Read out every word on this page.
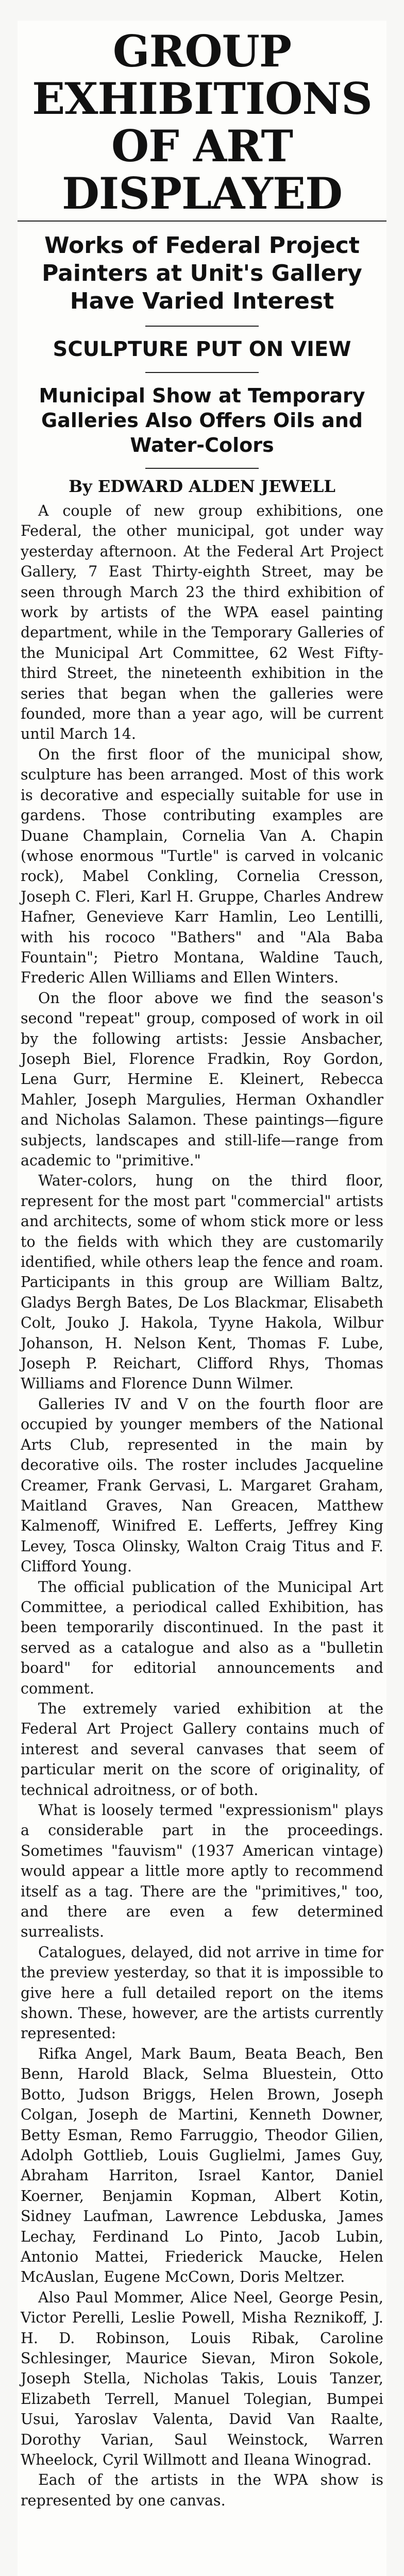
GROUP EXHIBITIONS
OF ART DISPLAYED
Works of Federal Project Painters at Unit's Gallery Have Varied Interest
SCULPTURE PUT ON VIEW
Municipal Show at Temporary Galleries Also Offers Oils and Water-Colors
By EDWARD ALDEN JEWELL

A couple of new group exhibitions, one Federal, the other municipal, got under way yesterday afternoon. At the Federal Art Project Gallery, 7 East Thirty-eighth Street, may be seen through March 23 the third exhibition of work by artists of the WPA easel painting department, while in the Temporary Galleries of the Municipal Art Committee, 62 West Fifty-third Street, the nineteenth exhibition in the series that began when the galleries were founded, more than a year ago, will be current until March 14.

On the first floor of the municipal show, sculpture has been arranged. Most of this work is decorative and especially suitable for use in gardens. Those contributing examples are Duane Champlain, Cornelia Van A. Chapin (whose enormous "Turtle" is carved in volcanic rock), Mabel Conkling, Cornelia Cresson, Joseph C. Fleri, Karl H. Gruppe, Charles Andrew Hafner, Genevieve Karr Hamlin, Leo Lentilli, with his rococo "Bathers" and "Ala Baba Fountain"; Pietro Montana, Waldine Tauch, Frederic Allen Williams and Ellen Winters.

On the floor above we find the season's second "repeat" group, composed of work in oil by the following artists: Jessie Ansbacher, Joseph Biel, Florence Fradkin, Roy Gordon, Lena Gurr, Hermine E. Kleinert, Rebecca Mahler, Joseph Margulies, Herman Oxhandler and Nicholas Salamon. These paintings—figure subjects, landscapes and still-life—range from academic to "primitive."

Water-colors, hung on the third floor, represent for the most part "commercial" artists and architects, some of whom stick more or less to the fields with which they are customarily identified, while others leap the fence and roam. Participants in this group are William Baltz, Gladys Bergh Bates, De Los Blackmar, Elisabeth Colt, Jouko J. Hakola, Tyyne Hakola, Wilbur Johanson, H. Nelson Kent, Thomas F. Lube, Joseph P. Reichart, Clifford Rhys, Thomas Williams and Florence Dunn Wilmer.

Galleries IV and V on the fourth floor are occupied by younger members of the National Arts Club, represented in the main by decorative oils. The roster includes Jacqueline Creamer, Frank Gervasi, L. Margaret Graham, Maitland Graves, Nan Greacen, Matthew Kalmenoff, Winifred E. Lefferts, Jeffrey King Levey, Tosca Olinsky, Walton Craig Titus and F. Clifford Young.

The official publication of the Municipal Art Committee, a periodical called Exhibition, has been temporarily discontinued. In the past it served as a catalogue and also as a "bulletin board" for editorial announcements and comment.

The extremely varied exhibition at the Federal Art Project Gallery contains much of interest and several canvases that seem of particular merit on the score of originality, of technical adroitness, or of both.

What is loosely termed "expressionism" plays a considerable part in the proceedings. Sometimes "fauvism" (1937 American vintage) would appear a little more aptly to recommend itself as a tag. There are the "primitives," too, and there are even a few determined surrealists.

Catalogues, delayed, did not arrive in time for the preview yesterday, so that it is impossible to give here a full detailed report on the items shown. These, however, are the artists currently represented:

Rifka Angel, Mark Baum, Beata Beach, Ben Benn, Harold Black, Selma Bluestein, Otto Botto, Judson Briggs, Helen Brown, Joseph Colgan, Joseph de Martini, Kenneth Downer, Betty Esman, Remo Farruggio, Theodor Gilien, Adolph Gottlieb, Louis Guglielmi, James Guy, Abraham Harriton, Israel Kantor, Daniel Koerner, Benjamin Kopman, Albert Kotin, Sidney Laufman, Lawrence Lebduska, James Lechay, Ferdinand Lo Pinto, Jacob Lubin, Antonio Mattei, Friederick Maucke, Helen McAuslan, Eugene McCown, Doris Meltzer.

Also Paul Mommer, Alice Neel, George Pesin, Victor Perelli, Leslie Powell, Misha Reznikoff, J. H. D. Robinson, Louis Ribak, Caroline Schlesinger, Maurice Sievan, Miron Sokole, Joseph Stella, Nicholas Takis, Louis Tanzer, Elizabeth Terrell, Manuel Tolegian, Bumpei Usui, Yaroslav Valenta, David Van Raalte, Dorothy Varian, Saul Weinstock, Warren Wheelock, Cyril Willmott and Ileana Winograd.

Each of the artists in the WPA show is represented by one canvas.
